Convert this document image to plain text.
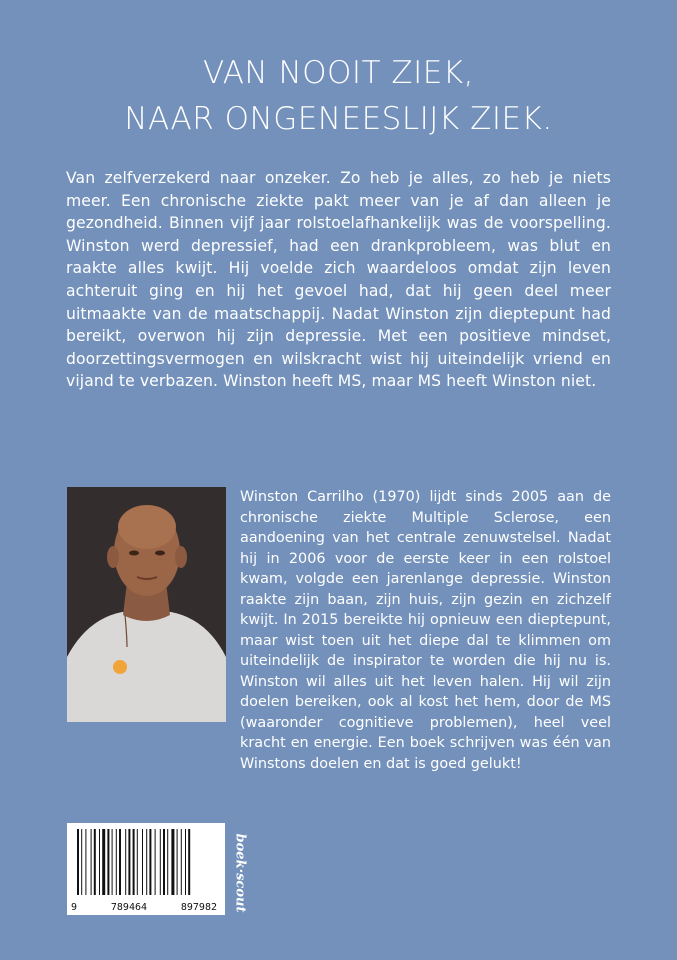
VAN NOOIT ZIEK,
NAAR ONGENEESLIJK ZIEK.
Van zelfverzekerd naar onzeker. Zo heb je alles, zo heb je niets meer. Een chronische ziekte pakt meer van je af dan alleen je gezondheid. Binnen vijf jaar rolstoelafhankelijk was de voorspelling. Winston werd depressief, had een drankprobleem, was blut en raakte alles kwijt. Hij voelde zich waardeloos omdat zijn leven achteruit ging en hij het gevoel had, dat hij geen deel meer uitmaakte van de maatschappij. Nadat Winston zijn dieptepunt had bereikt, overwon hij zijn depressie. Met een positieve mindset, doorzettingsvermogen en wilskracht wist hij uiteindelijk vriend en vijand te verbazen. Winston heeft MS, maar MS heeft Winston niet.
Winston Carrilho (1970) lijdt sinds 2005 aan de chronische ziekte Multiple Sclerose, een aandoening van het centrale zenuwstelsel. Nadat hij in 2006 voor de eerste keer in een rolstoel kwam, volgde een jarenlange depressie. Winston raakte zijn baan, zijn huis, zijn gezin en zichzelf kwijt. In 2015 bereikte hij opnieuw een dieptepunt, maar wist toen uit het diepe dal te klimmen om uiteindelijk de inspirator te worden die hij nu is. Winston wil alles uit het leven halen. Hij wil zijn doelen bereiken, ook al kost het hem, door de MS (waaronder cognitieve problemen), heel veel kracht en energie. Een boek schrijven was één van Winstons doelen en dat is goed gelukt!
9	789464	897982 boek·scout
